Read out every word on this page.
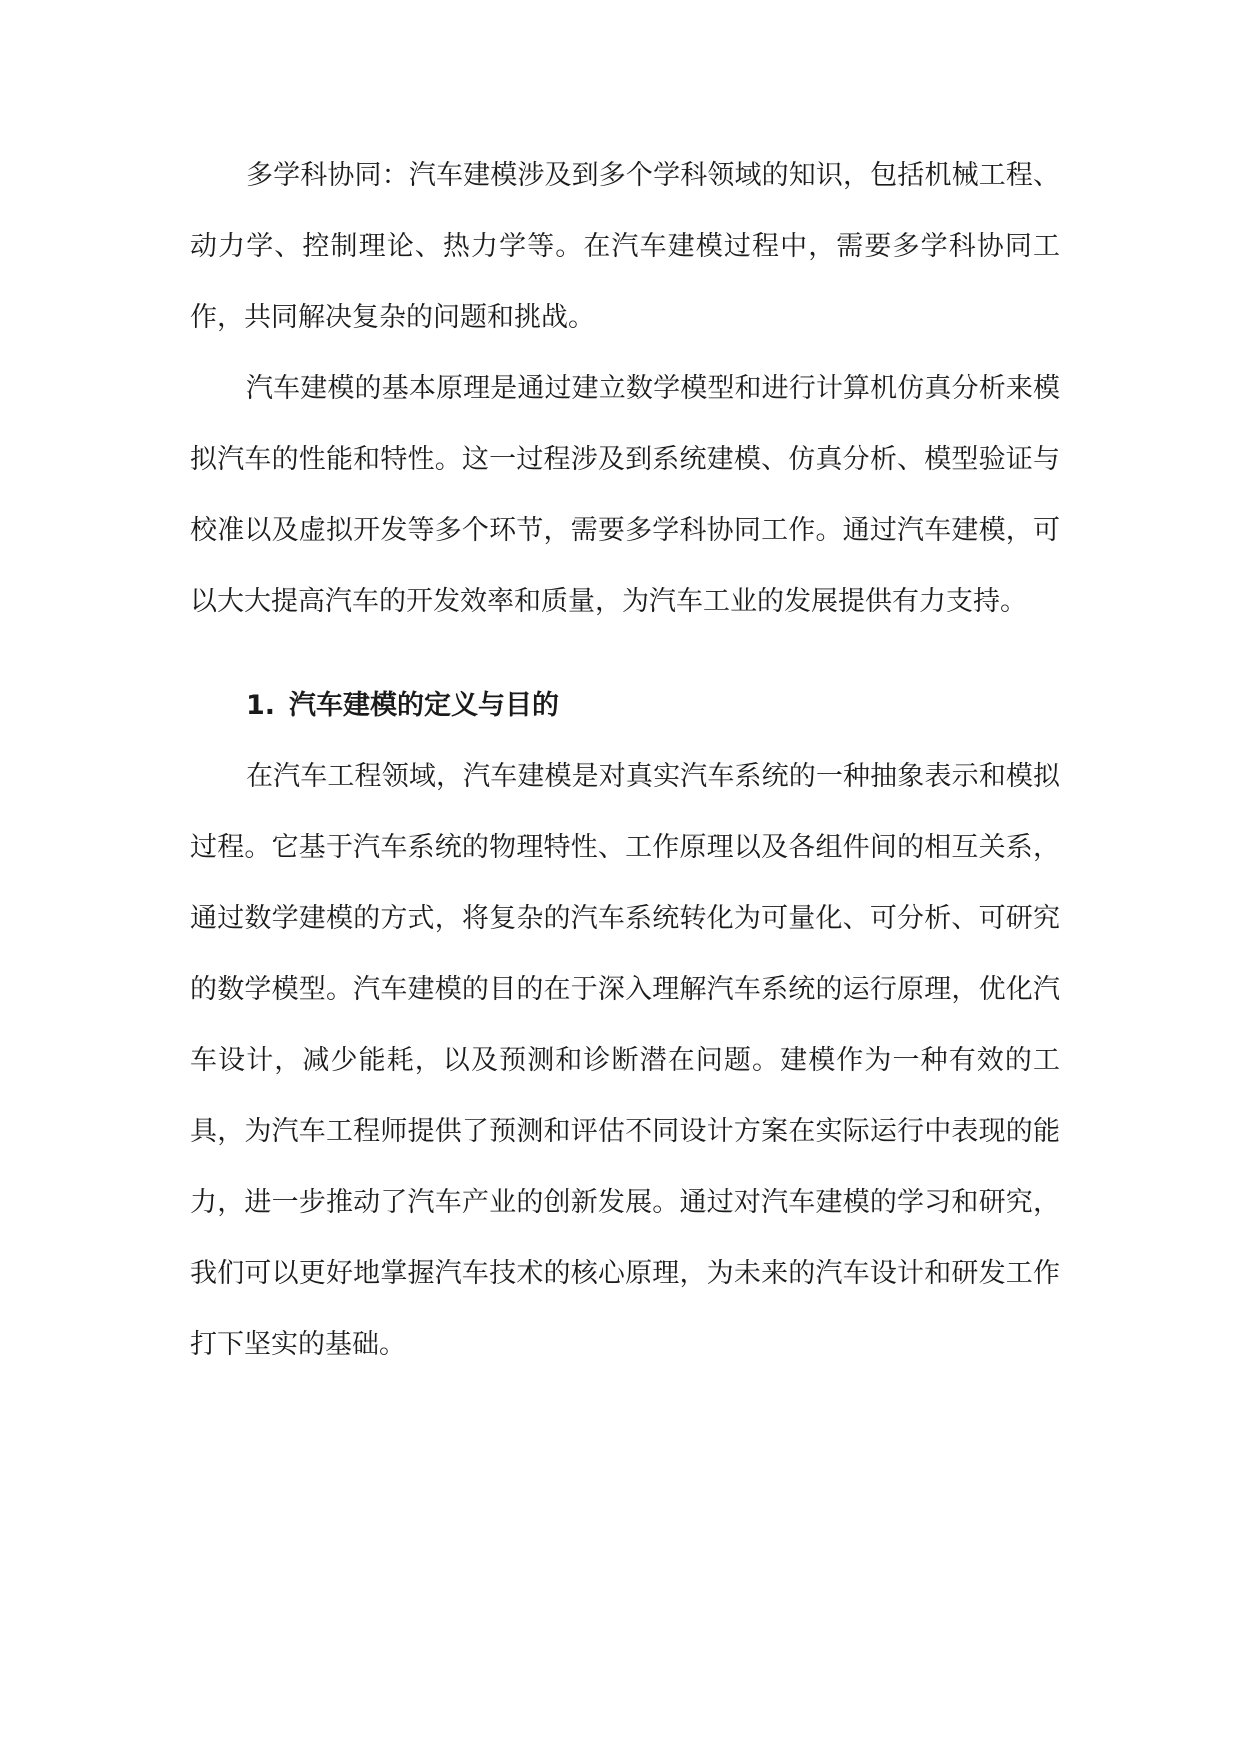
多学科协同：汽车建模涉及到多个学科领域的知识，包括机械工程、动力学、控制理论、热力学等。在汽车建模过程中，需要多学科协同工作，共同解决复杂的问题和挑战。

汽车建模的基本原理是通过建立数学模型和进行计算机仿真分析来模拟汽车的性能和特性。这一过程涉及到系统建模、仿真分析、模型验证与校准以及虚拟开发等多个环节，需要多学科协同工作。通过汽车建模，可以大大提高汽车的开发效率和质量，为汽车工业的发展提供有力支持。

1. 汽车建模的定义与目的

在汽车工程领域，汽车建模是对真实汽车系统的一种抽象表示和模拟过程。它基于汽车系统的物理特性、工作原理以及各组件间的相互关系，通过数学建模的方式，将复杂的汽车系统转化为可量化、可分析、可研究的数学模型。汽车建模的目的在于深入理解汽车系统的运行原理，优化汽车设计，减少能耗，以及预测和诊断潜在问题。建模作为一种有效的工具，为汽车工程师提供了预测和评估不同设计方案在实际运行中表现的能力，进一步推动了汽车产业的创新发展。通过对汽车建模的学习和研究，我们可以更好地掌握汽车技术的核心原理，为未来的汽车设计和研发工作打下坚实的基础。
